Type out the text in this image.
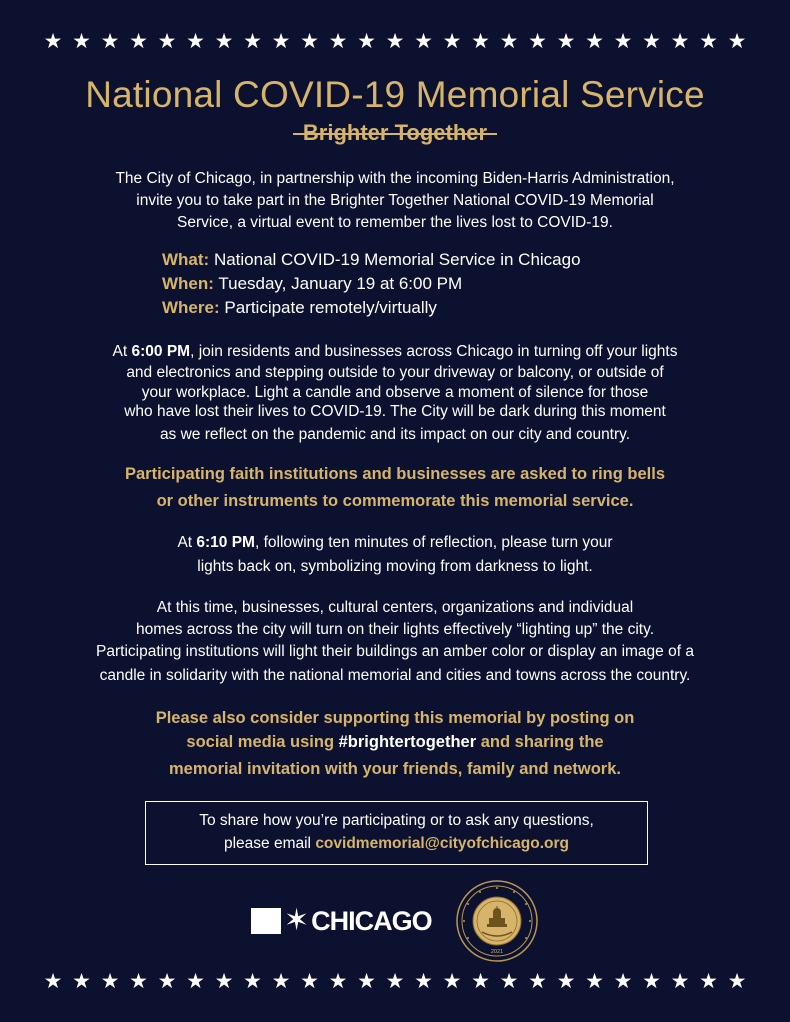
★ ★ ★ ★ ★ ★ ★ ★ ★ ★ ★ ★ ★ ★ ★ ★ ★ ★ ★ ★ ★ ★ ★ ★ ★
National COVID-19 Memorial Service
Brighter Together
The City of Chicago, in partnership with the incoming Biden-Harris Administration,
invite you to take part in the Brighter Together National COVID-19 Memorial
Service, a virtual event to remember the lives lost to COVID-19.
What: National COVID-19 Memorial Service in Chicago
When: Tuesday, January 19 at 6:00 PM
Where: Participate remotely/virtually
At 6:00 PM, join residents and businesses across Chicago in turning off your lights
and electronics and stepping outside to your driveway or balcony, or outside of
your workplace. Light a candle and observe a moment of silence for those
who have lost their lives to COVID-19. The City will be dark during this moment
as we reflect on the pandemic and its impact on our city and country.
Participating faith institutions and businesses are asked to ring bells
or other instruments to commemorate this memorial service.
At 6:10 PM, following ten minutes of reflection, please turn your
lights back on, symbolizing moving from darkness to light.
At this time, businesses, cultural centers, organizations and individual
homes across the city will turn on their lights effectively “lighting up” the city.
Participating institutions will light their buildings an amber color or display an image of a
candle in solidarity with the national memorial and cities and towns across the country.
Please also consider supporting this memorial by posting on
social media using #brightertogether and sharing the
memorial invitation with your friends, family and network.
To share how you’re participating or to ask any questions,
please email covidmemorial@cityofchicago.org
✶ CHICAGO
2021
★ ★ ★ ★ ★ ★ ★ ★ ★ ★ ★ ★ ★ ★ ★ ★ ★ ★ ★ ★ ★ ★ ★ ★ ★
